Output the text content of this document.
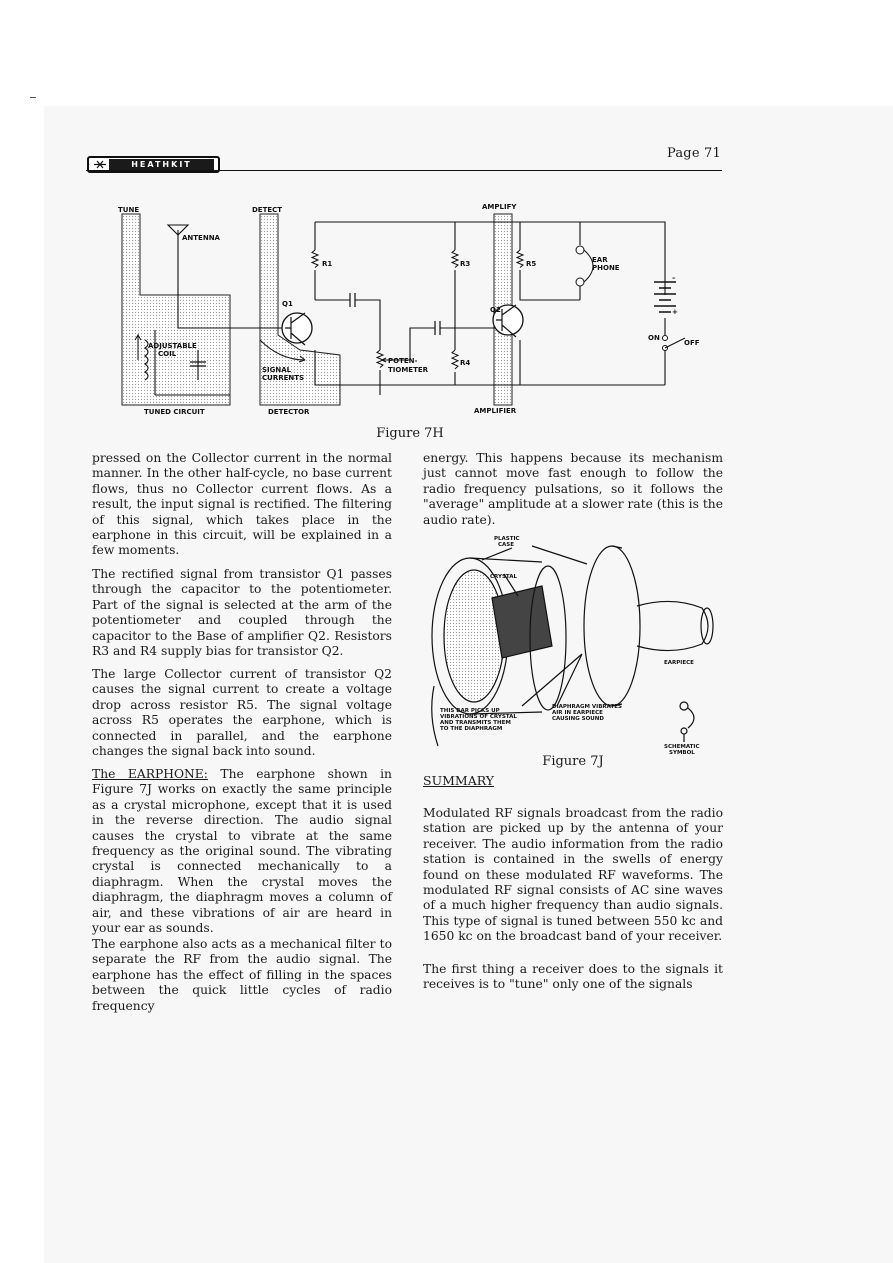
HEATHKIT
Page 71
TUNE	DETECT	AMPLIFY
ANTENNA
R1	R3	R5
R4
Q1
Q2
EAR
PHONE
ADJUSTABLE
COIL
SIGNAL
CURRENTS
POTEN-
TIOMETER
ON
OFF
+
–
TUNED CIRCUIT	DETECTOR	AMPLIFIER
Figure 7H

pressed on the Collector current in the normal manner. In the other half-cycle, no base current flows, thus no Collector current flows. As a result, the input signal is rectified. The filtering of this signal, which takes place in the earphone in this circuit, will be explained in a few moments.

The rectified signal from transistor Q1 passes through the capacitor to the potentiometer. Part of the signal is selected at the arm of the potentiometer and coupled through the capacitor to the Base of amplifier Q2. Resistors R3 and R4 supply bias for transistor Q2.

The large Collector current of transistor Q2 causes the signal current to create a voltage drop across resistor R5. The signal voltage across R5 operates the earphone, which is connected in parallel, and the earphone changes the signal back into sound.

The EARPHONE: The earphone shown in Figure 7J works on exactly the same principle as a crystal microphone, except that it is used in the reverse direction. The audio signal causes the crystal to vibrate at the same frequency as the original sound. The vibrating crystal is connected mechanically to a diaphragm. When the crystal moves the diaphragm, the diaphragm moves a column of air, and these vibrations of air are heard in your ear as sounds.

The earphone also acts as a mechanical filter to separate the RF from the audio signal. The earphone has the effect of filling in the spaces between the quick little cycles of radio frequency

energy. This happens because its mechanism just cannot move fast enough to follow the radio frequency pulsations, so it follows the "average" amplitude at a slower rate (this is the audio rate).

PLASTIC
CASE
CRYSTAL
EARPIECE
THIS BAR PICKS UP
VIBRATIONS OF CRYSTAL
AND TRANSMITS THEM
TO THE DIAPHRAGM
DIAPHRAGM VIBRATES
AIR IN EARPIECE
CAUSING SOUND
SCHEMATIC
SYMBOL
Figure 7J
SUMMARY

Modulated RF signals broadcast from the radio station are picked up by the antenna of your receiver. The audio information from the radio station is contained in the swells of energy found on these modulated RF waveforms. The modulated RF signal consists of AC sine waves of a much higher frequency than audio signals. This type of signal is tuned between 550 kc and 1650 kc on the broadcast band of your receiver.

The first thing a receiver does to the signals it receives is to "tune" only one of the signals
